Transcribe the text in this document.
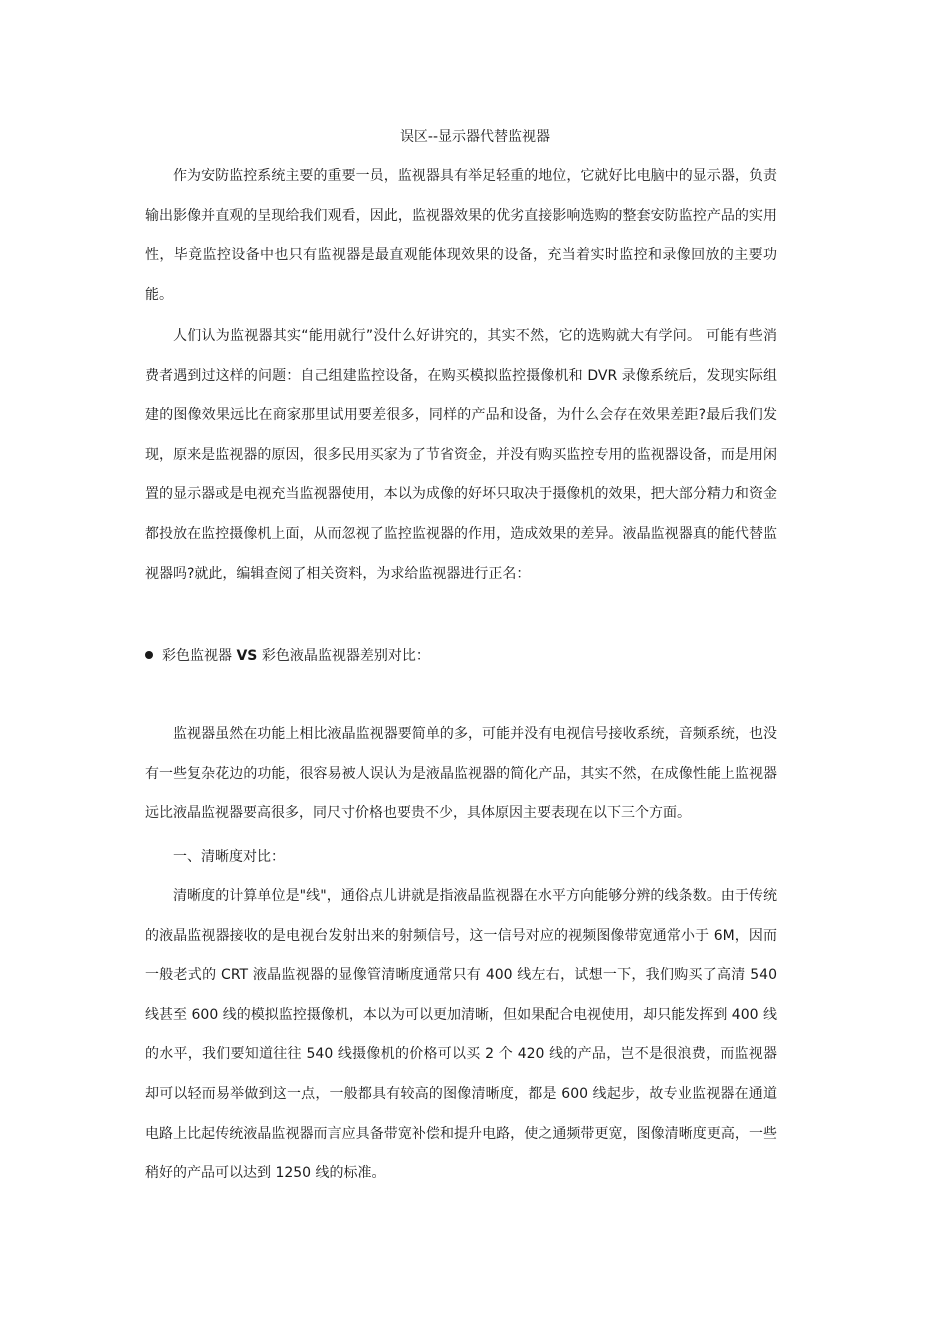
误区--显示器代替监视器

作为安防监控系统主要的重要一员，监视器具有举足轻重的地位，它就好比电脑中的显示器，负责输出影像并直观的呈现给我们观看，因此，监视器效果的优劣直接影响选购的整套安防监控产品的实用性，毕竟监控设备中也只有监视器是最直观能体现效果的设备，充当着实时监控和录像回放的主要功能。

人们认为监视器其实“能用就行”没什么好讲究的，其实不然，它的选购就大有学问。 可能有些消费者遇到过这样的问题：自己组建监控设备，在购买模拟监控摄像机和 DVR 录像系统后，发现实际组建的图像效果远比在商家那里试用要差很多，同样的产品和设备，为什么会存在效果差距?最后我们发现，原来是监视器的原因，很多民用买家为了节省资金，并没有购买监控专用的监视器设备，而是用闲置的显示器或是电视充当监视器使用，本以为成像的好坏只取决于摄像机的效果，把大部分精力和资金都投放在监控摄像机上面，从而忽视了监控监视器的作用，造成效果的差异。液晶监视器真的能代替监视器吗?就此，编辑查阅了相关资料，为求给监视器进行正名：

彩色监视器 VS 彩色液晶监视器差别对比：

监视器虽然在功能上相比液晶监视器要简单的多，可能并没有电视信号接收系统，音频系统，也没有一些复杂花边的功能，很容易被人误认为是液晶监视器的简化产品，其实不然，在成像性能上监视器远比液晶监视器要高很多，同尺寸价格也要贵不少，具体原因主要表现在以下三个方面。

一、清晰度对比：

清晰度的计算单位是"线"，通俗点儿讲就是指液晶监视器在水平方向能够分辨的线条数。由于传统的液晶监视器接收的是电视台发射出来的射频信号，这一信号对应的视频图像带宽通常小于 6M，因而一般老式的 CRT 液晶监视器的显像管清晰度通常只有 400 线左右，试想一下，我们购买了高清 540 线甚至 600 线的模拟监控摄像机，本以为可以更加清晰，但如果配合电视使用，却只能发挥到 400 线的水平，我们要知道往往 540 线摄像机的价格可以买 2 个 420 线的产品，岂不是很浪费，而监视器却可以轻而易举做到这一点，一般都具有较高的图像清晰度，都是 600 线起步，故专业监视器在通道电路上比起传统液晶监视器而言应具备带宽补偿和提升电路，使之通频带更宽，图像清晰度更高，一些稍好的产品可以达到 1250 线的标准。
